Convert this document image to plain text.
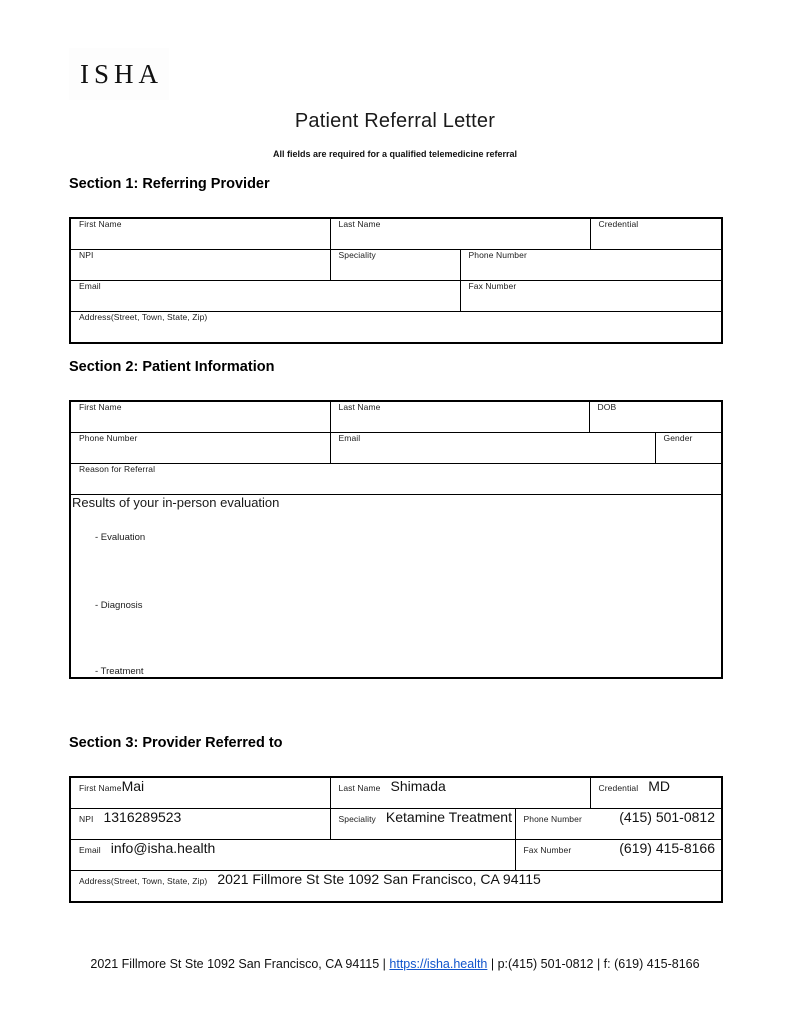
ISHA
Patient Referral Letter
All fields are required for a qualified telemedicine referral
Section 1: Referring Provider
First Name	Last Name		Credential

NPI	Speciality	Phone Number	

Email		Fax Number	

Address(Street, Town, State, Zip)			
Section 2: Patient Information
First Name	Last Name	DOB	

Phone Number	Email		Gender

Reason for Referral			

Results of your in-person evaluation
- Evaluation
- Diagnosis
- Treatment			
Section 3: Provider Referred to
First Name Mai	Last Name Shimada		Credential MD

NPI 1316289523	Speciality Ketamine Treatment	Phone Number (415) 501-0812	

Email info@isha.health		Fax Number (619) 415-8166	

Address(Street, Town, State, Zip) 2021 Fillmore St Ste 1092 San Francisco, CA 94115			
2021 Fillmore St Ste 1092 San Francisco, CA 94115 | https://isha.health | p:(415) 501-0812 | f: (619) 415-8166
